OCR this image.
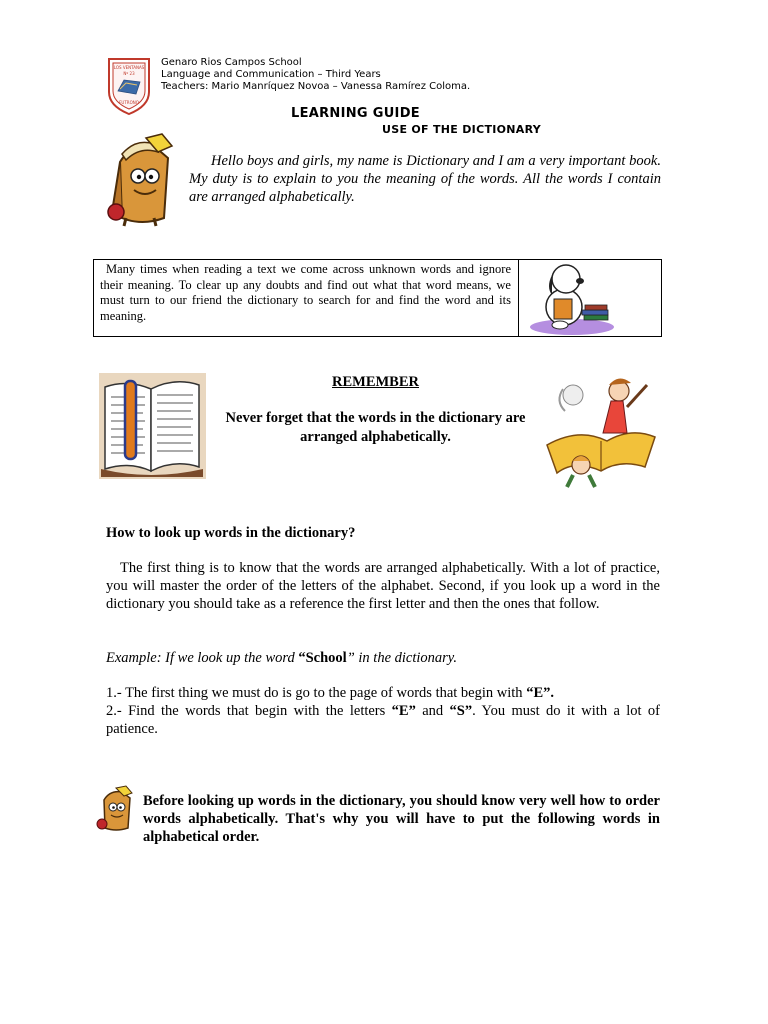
LOS VENTANAS
Nº 23
FUTRONO
Genaro Rios Campos School
Language and Communication – Third Years
Teachers: Mario Manríquez Novoa – Vanessa Ramírez Coloma.
LEARNING GUIDE
USE OF THE DICTIONARY
Hello boys and girls, my name is Dictionary and I am a very important book. My duty is to explain to you the meaning of the words. All the words I contain are arranged alphabetically.
Many times when reading a text we come across unknown words and ignore their meaning. To clear up any doubts and find out what that word means, we must turn to our friend the dictionary to search for and find the word and its meaning.
REMEMBER
Never forget that the words in the dictionary are arranged alphabetically.
How to look up words in the dictionary?
The first thing is to know that the words are arranged alphabetically. With a lot of practice, you will master the order of the letters of the alphabet. Second, if you look up a word in the dictionary you should take as a reference the first letter and then the ones that follow.
Example: If we look up the word “School” in the dictionary.
1.- The first thing we must do is go to the page of words that begin with “E”.
2.- Find the words that begin with the letters “E” and “S”. You must do it with a lot of patience.
Before looking up words in the dictionary, you should know very well how to order words alphabetically. That's why you will have to put the following words in alphabetical order.
